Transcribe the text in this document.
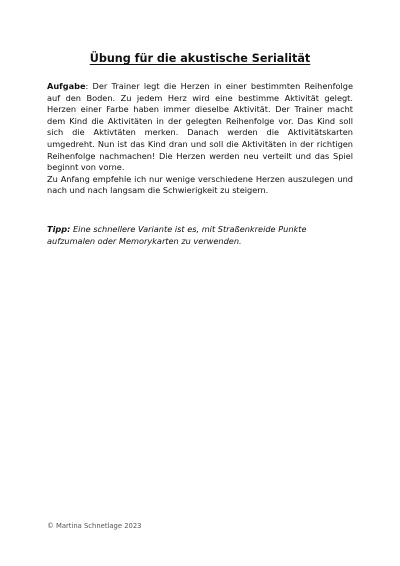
Übung für die akustische Serialität

Aufgabe: Der Trainer legt die Herzen in einer bestimmten Reihenfolge auf den Boden. Zu jedem Herz wird eine bestimme Aktivität gelegt. Herzen einer Farbe haben immer dieselbe Aktivität. Der Trainer macht dem Kind die Aktivitäten in der gelegten Reihenfolge vor. Das Kind soll sich die Aktivtäten merken. Danach werden die Aktivitätskarten umgedreht. Nun ist das Kind dran und soll die Aktivitäten in der richtigen Reihenfolge nachmachen! Die Herzen werden neu verteilt und das Spiel beginnt von vorne.

Zu Anfang empfehle ich nur wenige verschiedene Herzen auszulegen und nach und nach langsam die Schwierigkeit zu steigern.

Tipp: Eine schnellere Variante ist es, mit Straßenkreide Punkte aufzumalen oder Memorykarten zu verwenden.
© Martina Schnetlage 2023
